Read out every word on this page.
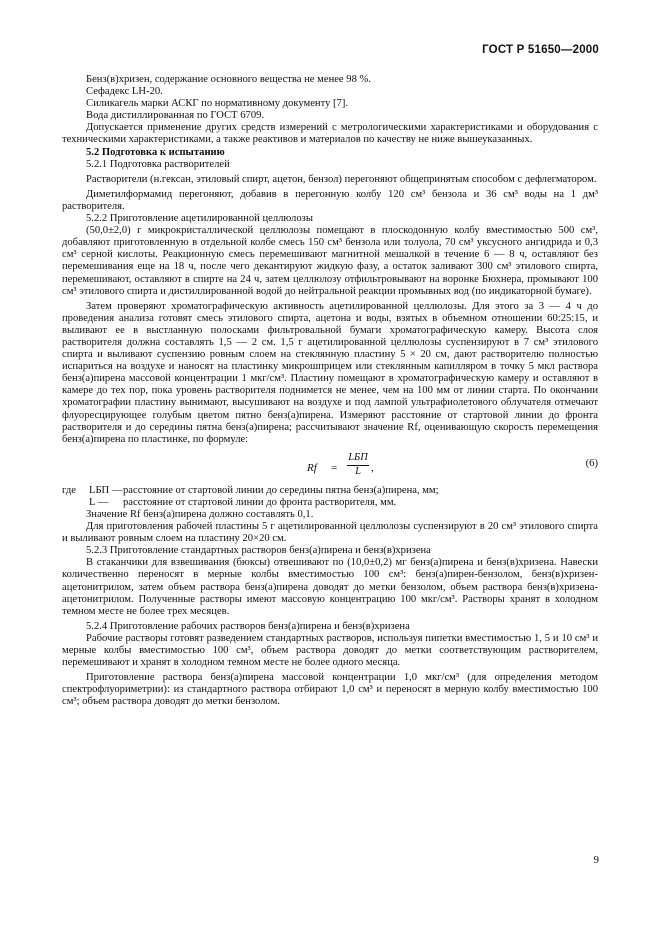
ГОСТ Р 51650—2000

Бенз(в)хризен, содержание основного вещества не менее 98 %.

Сефадекс LH-20.

Силикагель марки АСКГ по нормативному документу [7].

Вода дистиллированная по ГОСТ 6709.

Допускается применение других средств измерений с метрологическими характеристиками и оборудования с техническими характеристиками, а также реактивов и материалов по качеству не ниже вышеуказанных.

5.2 Подготовка к испытанию

5.2.1 Подготовка растворителей

Растворители (н.гексан, этиловый спирт, ацетон, бензол) перегоняют общепринятым способом с дефлегматором.

Диметилформамид перегоняют, добавив в перегонную колбу 120 см³ бензола и 36 см³ воды на 1 дм³ растворителя.

5.2.2 Приготовление ацетилированной целлюлозы

(50,0±2,0) г микрокристаллической целлюлозы помещают в плоскодонную колбу вместимостью 500 см³, добавляют приготовленную в отдельной колбе смесь 150 см³ бензола или толуола, 70 см³ уксусного ангидрида и 0,3 см³ серной кислоты. Реакционную смесь перемешивают магнитной мешалкой в течение 6 — 8 ч, оставляют без перемешивания еще на 18 ч, после чего декантируют жидкую фазу, а остаток заливают 300 см³ этилового спирта, перемешивают, оставляют в спирте на 24 ч, затем целлюлозу отфильтровывают на воронке Бюхнера, промывают 100 см³ этилового спирта и дистиллированной водой до нейтральной реакции промывных вод (по индикаторной бумаге).

Затем проверяют хроматографическую активность ацетилированной целлюлозы. Для этого за 3 — 4 ч до проведения анализа готовят смесь этилового спирта, ацетона и воды, взятых в объемном отношении 60:25:15, и выливают ее в выстланную полосками фильтровальной бумаги хроматографическую камеру. Высота слоя растворителя должна составлять 1,5 — 2 см. 1,5 г ацетилированной целлюлозы суспензируют в 7 см³ этилового спирта и выливают суспензию ровным слоем на стеклянную пластину 5 × 20 см, дают растворителю полностью испариться на воздухе и наносят на пластинку микрошприцем или стеклянным капилляром в точку 5 мкл раствора бенз(а)пирена массовой концентрации 1 мкг/см³. Пластину помещают в хроматографическую камеру и оставляют в камере до тех пор, пока уровень растворителя поднимется не менее, чем на 100 мм от линии старта. По окончании хроматографии пластину вынимают, высушивают на воздухе и под лампой ультрафиолетового облучателя отмечают флуоресцирующее голубым цветом пятно бенз(а)пирена. Измеряют расстояние от стартовой линии до фронта растворителя и до середины пятна бенз(а)пирена; рассчитывают значение Rf, оценивающую скорость перемещения бенз(а)пирена по пластинке, по формуле:

Rf =
LБП
L ,	(6)
где	LБП — расстояние от стартовой линии до середины пятна бенз(а)пирена, мм;
L —	расстояние от стартовой линии до фронта растворителя, мм.

Значение Rf бенз(а)пирена должно составлять 0,1.

Для приготовления рабочей пластины 5 г ацетилированной целлюлозы суспензируют в 20 см³ этилового спирта и выливают ровным слоем на пластину 20×20 см.

5.2.3 Приготовление стандартных растворов бенз(а)пирена и бенз(в)хризена

В стаканчики для взвешивания (бюксы) отвешивают по (10,0±0,2) мг бенз(а)пирена и бенз(в)хризена. Навески количественно переносят в мерные колбы вместимостью 100 см³: бенз(а)пирен-бензолом, бенз(в)хризен-ацетонитрилом, затем объем раствора бенз(а)пирена доводят до метки бензолом, объем раствора бенз(в)хризена-ацетонитрилом. Полученные растворы имеют массовую концентрацию 100 мкг/см³. Растворы хранят в холодном темном месте не более трех месяцев.

5.2.4 Приготовление рабочих растворов бенз(а)пирена и бенз(в)хризена

Рабочие растворы готовят разведением стандартных растворов, используя пипетки вместимостью 1, 5 и 10 см³ и мерные колбы вместимостью 100 см³, объем раствора доводят до метки соответствующим растворителем, перемешивают и хранят в холодном темном месте не более одного месяца.

Приготовление раствора бенз(а)пирена массовой концентрации 1,0 мкг/см³ (для определения методом спектрофлуориметрии): из стандартного раствора отбирают 1,0 см³ и переносят в мерную колбу вместимостью 100 см³; объем раствора доводят до метки бензолом.

9
